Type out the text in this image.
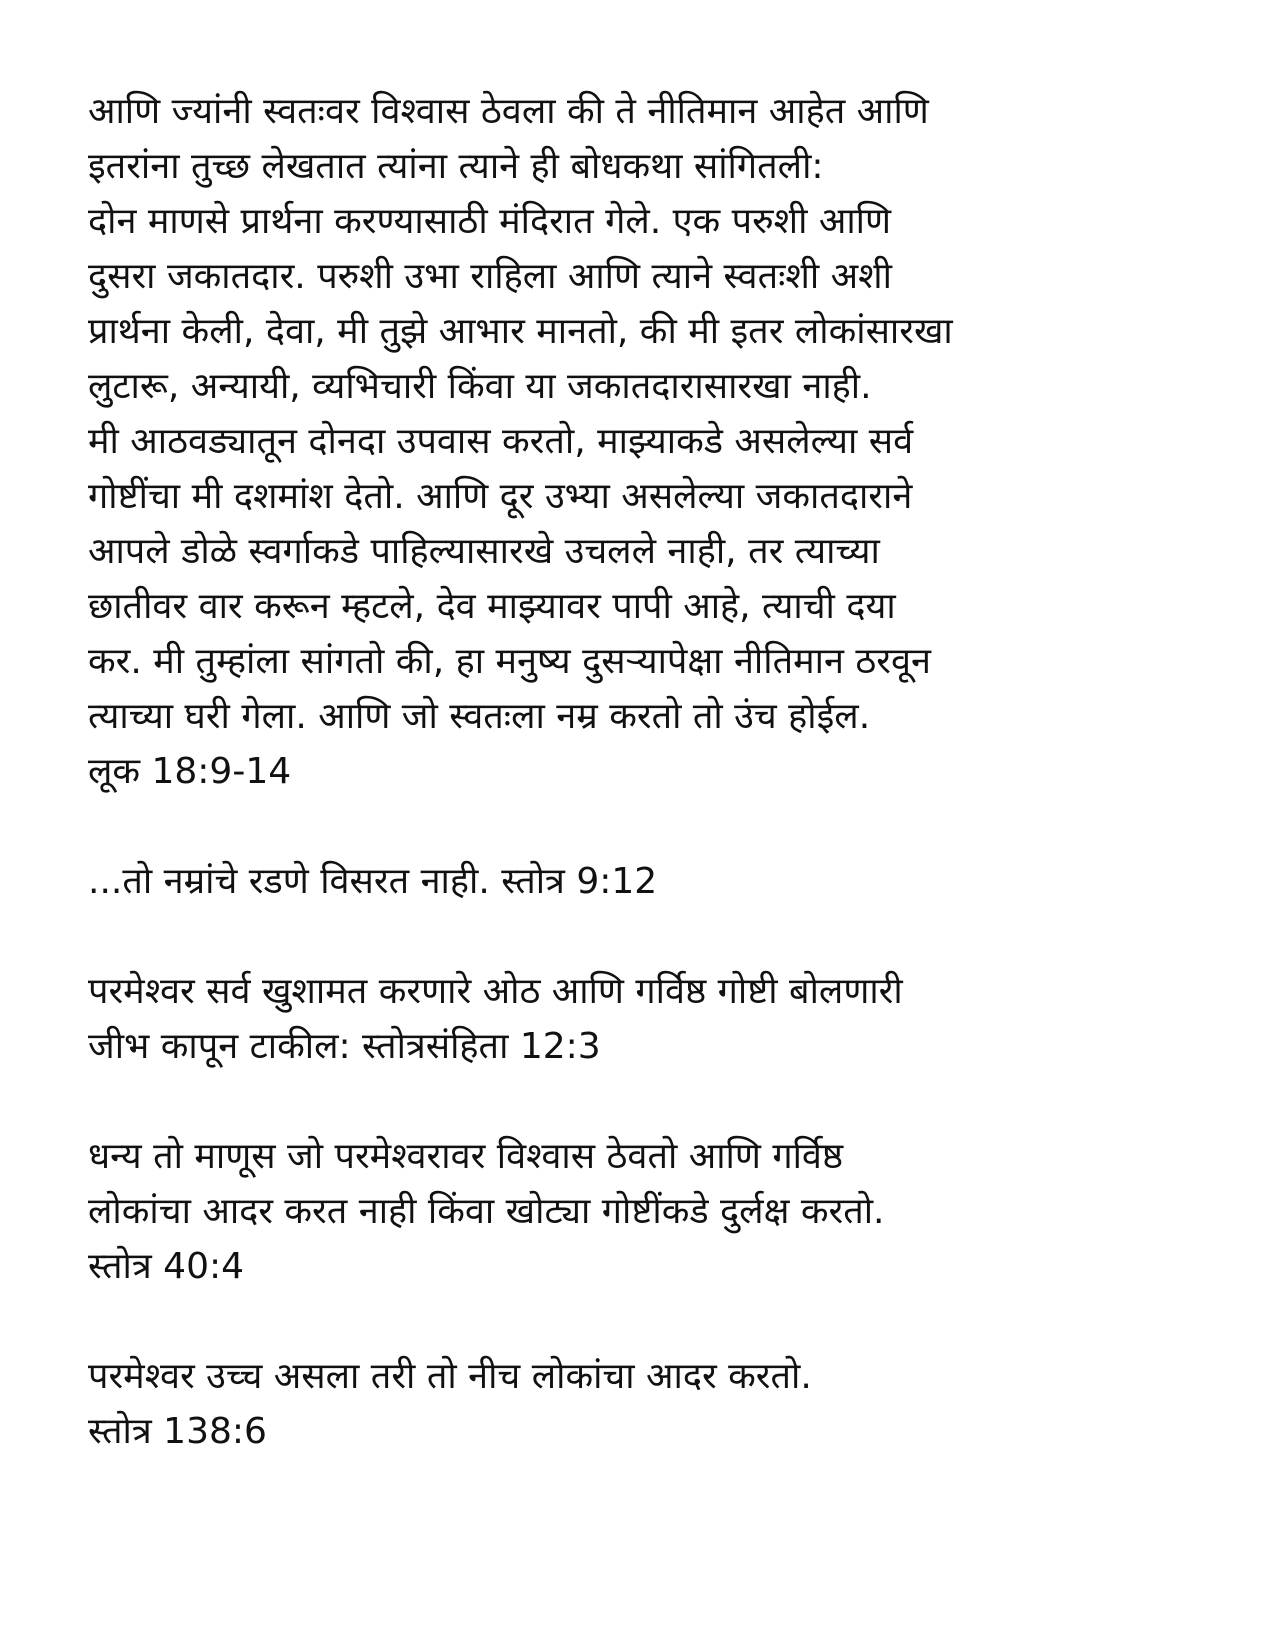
आणि ज्यांनी स्वतःवर विश्वास ठेवला की ते नीतिमान आहेत आणि
इतरांना तुच्छ लेखतात त्यांना त्याने ही बोधकथा सांगितली:
दोन माणसे प्रार्थना करण्यासाठी मंदिरात गेले. एक परुशी आणि
दुसरा जकातदार. परुशी उभा राहिला आणि त्याने स्वतःशी अशी
प्रार्थना केली, देवा, मी तुझे आभार मानतो, की मी इतर लोकांसारखा
लुटारू, अन्यायी, व्यभिचारी किंवा या जकातदारासारखा नाही.
मी आठवड्यातून दोनदा उपवास करतो, माझ्याकडे असलेल्या सर्व
गोष्टींचा मी दशमांश देतो. आणि दूर उभ्या असलेल्या जकातदाराने
आपले डोळे स्वर्गाकडे पाहिल्यासारखे उचलले नाही, तर त्याच्या
छातीवर वार करून म्हटले, देव माझ्यावर पापी आहे, त्याची दया
कर. मी तुम्हांला सांगतो की, हा मनुष्य दुसऱ्यापेक्षा नीतिमान ठरवून
त्याच्या घरी गेला. आणि जो स्वतःला नम्र करतो तो उंच होईल.
लूक 18:9-14

...तो नम्रांचे रडणे विसरत नाही. स्तोत्र 9:12

परमेश्वर सर्व खुशामत करणारे ओठ आणि गर्विष्ठ गोष्टी बोलणारी
जीभ कापून टाकील: स्तोत्रसंहिता 12:3

धन्य तो माणूस जो परमेश्वरावर विश्वास ठेवतो आणि गर्विष्ठ
लोकांचा आदर करत नाही किंवा खोट्या गोष्टींकडे दुर्लक्ष करतो.
स्तोत्र 40:4

परमेश्वर उच्च असला तरी तो नीच लोकांचा आदर करतो.
स्तोत्र 138:6
